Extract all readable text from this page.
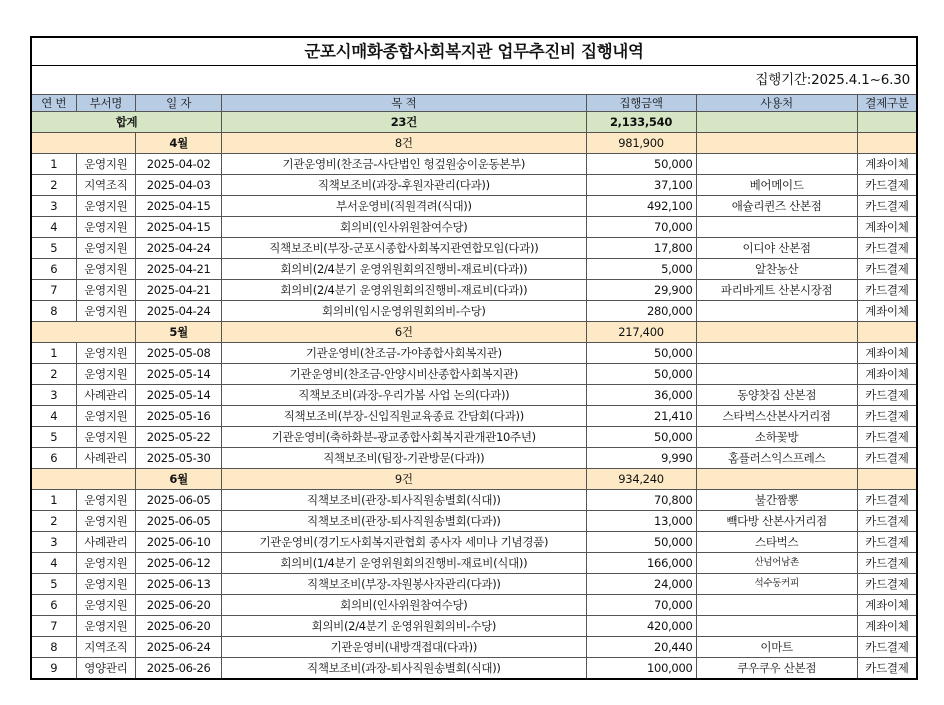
군포시매화종합사회복지관 업무추진비 집행내역
집행기간:2025.4.1~6.30
연 번	부서명	일 자	목 적	집행금액	사용처	결제구분
합계			23건	2,133,540		
		4월	8건	981,900		
1	운영지원	2025-04-02	기관운영비(찬조금-사단법인 헝겊원숭이운동본부)	50,000		계좌이체
2	지역조직	2025-04-03	직책보조비(과장-후원자관리(다과))	37,100	베어메이드	카드결제
3	운영지원	2025-04-15	부서운영비(직원격려(식대))	492,100	애슐리퀸즈 산본점	카드결제
4	운영지원	2025-04-15	회의비(인사위원참여수당)	70,000		계좌이체
5	운영지원	2025-04-24	직책보조비(부장-군포시종합사회복지관연합모임(다과))	17,800	이디야 산본점	카드결제
6	운영지원	2025-04-21	회의비(2/4분기 운영위원회의진행비-재료비(다과))	5,000	알찬농산	카드결제
7	운영지원	2025-04-21	회의비(2/4분기 운영위원회의진행비-재료비(다과))	29,900	파리바게트 산본시장점	카드결제
8	운영지원	2025-04-24	회의비(임시운영위원회의비-수당)	280,000		계좌이체
		5월	6건	217,400		
1	운영지원	2025-05-08	기관운영비(찬조금-가야종합사회복지관)	50,000		계좌이체
2	운영지원	2025-05-14	기관운영비(찬조금-안양시비산종합사회복지관)	50,000		계좌이체
3	사례관리	2025-05-14	직책보조비(과장-우리가봄 사업 논의(다과))	36,000	동양찻집 산본점	카드결제
4	운영지원	2025-05-16	직책보조비(부장-신입직원교육종료 간담회(다과))	21,410	스타벅스산본사거리점	카드결제
5	운영지원	2025-05-22	기관운영비(축하화분-광교종합사회복지관개관10주년)	50,000	소하꽃방	카드결제
6	사례관리	2025-05-30	직책보조비(팀장-기관방문(다과))	9,990	홈플러스익스프레스	카드결제
		6월	9건	934,240		
1	운영지원	2025-06-05	직책보조비(관장-퇴사직원송별회(식대))	70,800	불간짬뽕	카드결제
2	운영지원	2025-06-05	직책보조비(관장-퇴사직원송별회(다과))	13,000	빽다방 산본사거리점	카드결제
3	사례관리	2025-06-10	기관운영비(경기도사회복지관협회 종사자 세미나 기념경품)	50,000	스타벅스	카드결제
4	운영지원	2025-06-12	회의비(1/4분기 운영위원회의진행비-재료비(식대))	166,000	산넘어남촌	카드결제
5	운영지원	2025-06-13	직책보조비(부장-자원봉사자관리(다과))	24,000	석수동커피	카드결제
6	운영지원	2025-06-20	회의비(인사위원참여수당)	70,000		계좌이체
7	운영지원	2025-06-20	회의비(2/4분기 운영위원회의비-수당)	420,000		계좌이체
8	지역조직	2025-06-24	기관운영비(내방객접대(다과))	20,440	이마트	카드결제
9	영양관리	2025-06-26	직책보조비(과장-퇴사직원송별회(식대))	100,000	쿠우쿠우 산본점	카드결제
